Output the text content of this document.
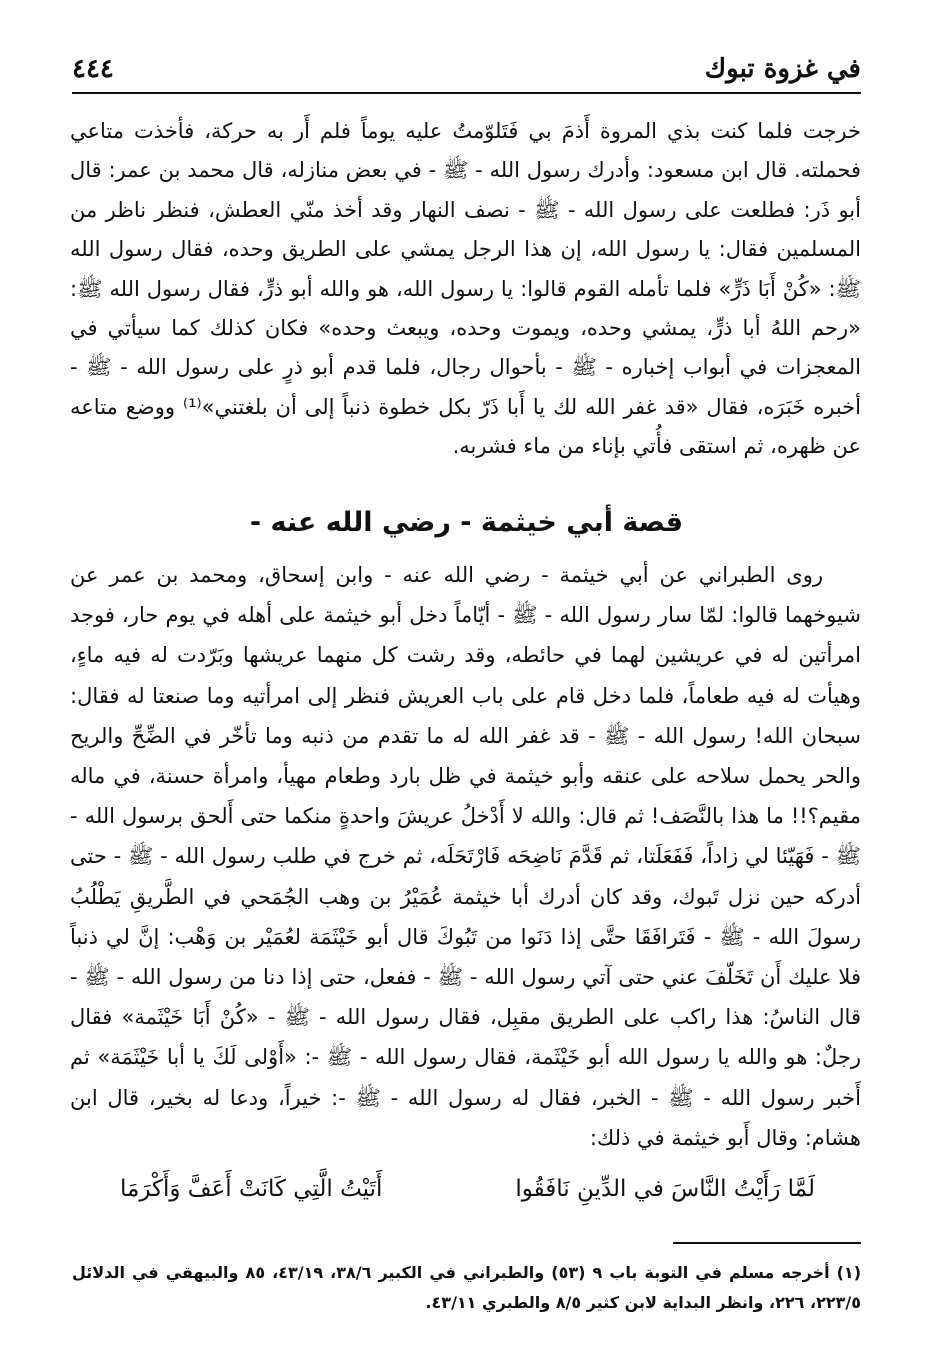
في غزوة تبوك
٤٤٤

خرجت فلما كنت بذي المروة أَذمَ بي فَتَلوّمتُ عليه يوماً فلم أَر به حركة، فأخذت متاعي فحملته. قال ابن مسعود: وأدرك رسول الله - ﷺ - في بعض منازله، قال محمد بن عمر: قال أبو ذَر: فطلعت على رسول الله - ﷺ - نصف النهار وقد أخذ منّي العطش، فنظر ناظر من المسلمين فقال: يا رسول الله، إن هذا الرجل يمشي على الطريق وحده، فقال رسول الله ﷺ: «كُنْ أَبَا ذَرٍّ» فلما تأمله القوم قالوا: يا رسول الله، هو والله أبو ذرٍّ، فقال رسول الله ﷺ: «رحم اللهُ أبا ذرٍّ، يمشي وحده، ويموت وحده، ويبعث وحده» فكان كذلك كما سيأتي في المعجزات في أبواب إخباره - ﷺ - بأحوال رجال، فلما قدم أبو ذرٍ على رسول الله - ﷺ - أخبره خَبَرَه، فقال «قد غفر الله لك يا أَبا ذَرّ بكل خطوة ذنباً إلى أن بلغتني»⁽¹⁾ ووضع متاعه عن ظهره، ثم استقى فأُتي بإناء من ماء فشربه.

قصة أبي خيثمة - رضي الله عنه -

روى الطبراني عن أبي خيثمة - رضي الله عنه - وابن إسحاق، ومحمد بن عمر عن شيوخهما قالوا: لمّا سار رسول الله - ﷺ - أيّاماً دخل أبو خيثمة على أهله في يوم حار، فوجد امرأتين له في عريشين لهما في حائطه، وقد رشت كل منهما عريشها وبَرّدت له فيه ماءٍ، وهيأت له فيه طعاماً، فلما دخل قام على باب العريش فنظر إلى امرأتيه وما صنعتا له فقال: سبحان الله! رسول الله - ﷺ - قد غفر الله له ما تقدم من ذنبه وما تأخّر في الضِّحِّ والريح والحر يحمل سلاحه على عنقه وأبو خيثمة في ظل بارد وطعام مهيأ، وامرأة حسنة، في ماله مقيم؟!! ما هذا بالنَّصَف! ثم قال: والله لا أَدْخلُ عريشَ واحدةٍ منكما حتى أَلحق برسول الله - ﷺ - فَهَيّئا لي زاداً، فَفَعَلَتا، ثم قَدَّمَ نَاضِحَه فَارْتَحَلَه، ثم خرج في طلب رسول الله - ﷺ - حتى أدركه حين نزل تَبوك، وقد كان أدرك أبا خيثمة عُمَيْرُ بن وهب الجُمَحي في الطَّريقِ يَطْلُبُ رسولَ الله - ﷺ - فَتَرافَقَا حتَّى إذا دَنَوا من تَبُوكَ قال أبو خَيْثَمَة لعُمَيْر بن وَهْب: إنَّ لي ذنباً فلا عليك أَن تَخَلّفَ عني حتى آتي رسول الله - ﷺ - ففعل، حتى إذا دنا من رسول الله - ﷺ - قال الناسُ: هذا راكب على الطريق مقبِل، فقال رسول الله - ﷺ - «كُنْ أَبَا خَيْثَمة» فقال رجلٌ: هو والله يا رسول الله أبو خَيْثَمة، فقال رسول الله - ﷺ -: «أَوْلى لَكَ يا أبا خَيْثَمَة» ثم أَخبر رسول الله - ﷺ - الخبر، فقال له رسول الله - ﷺ -: خيراً، ودعا له بخير، قال ابن هشام: وقال أَبو خيثمة في ذلك:

لَمَّا رَأَيْتُ النَّاسَ في الدِّينِ نَافَقُوا
أَتَيْتُ الَّتِي كَانَتْ أَعَفَّ وَأَكْرَمَا
(١) أخرجه مسلم في التوبة باب ٩ (٥٣) والطبراني في الكبير ٣٨/٦، ٤٣/١٩، ٨٥ والبيهقي في الدلائل ٢٢٣/٥، ٢٢٦، وانظر البداية لابن كثير ٨/٥ والطبري ٤٣/١١.
